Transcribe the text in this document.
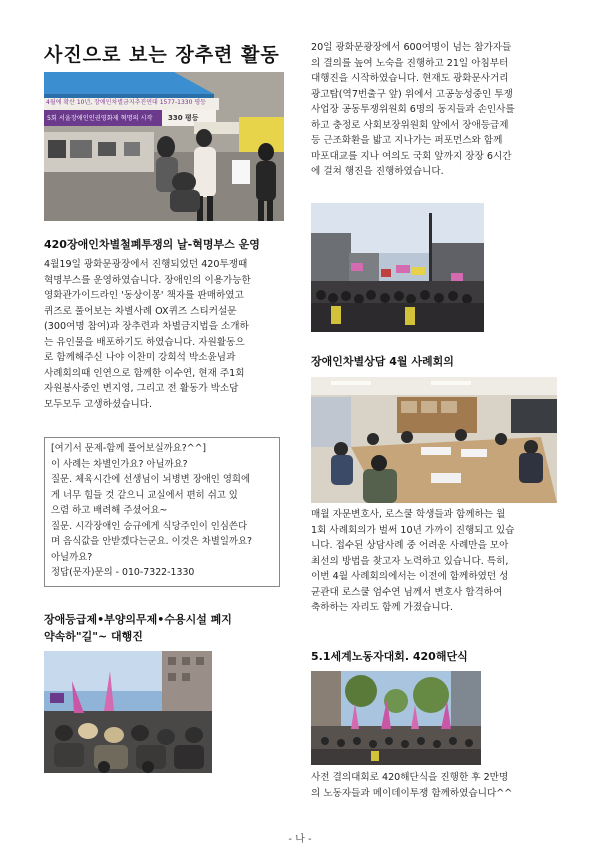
사진으로 보는 장추련 활동
4월에 확산 10년, 장애인차별금지추진연대 1577-1330 평등
5회 서울장애인인권영화제 혁명의 시작	330 평등
420장애인차별철폐투쟁의 날-혁명부스 운영
4월19일 광화문광장에서 진행되었던 420투쟁때
혁명부스를 운영하였습니다. 장애인의 이용가능한
영화관가이드라인 '동상이몽' 책자를 판매하였고
퀴즈로 풀어보는 차별사례 OX퀴즈 스티커설문
(300여명 참여)과 장추련과 차별금지법을 소개하
는 유인물을 배포하기도 하였습니다. 자원활동으
로 함께해주신 나야 이찬미 강희석 박소윤님과
사례회의때 인연으로 함께한 이수연, 현재 주1회
자원봉사중인 변지영, 그리고 전 활동가 박소담
모두모두 고생하셨습니다.
[여기서 문제-함께 풀어보실까요?^^]
이 사례는 차별인가요? 아닐까요?
질문. 체육시간에 선생님이 뇌병변 장애인 영희에
게 너무 힘들 것 같으니 교실에서 편히 쉬고 있
으렴 하고 배려해 주셨어요~
질문. 시각장애인 승규에게 식당주인이 인심쓴다
며 음식값을 안받겠다는군요. 이것은 차별일까요?
아닐까요?
정답(문자)문의 - 010-7322-1330
장애등급제•부양의무제•수용시설 폐지
약속하"길"~ 대행진
20일 광화문광장에서 600여명이 넘는 참가자들
의 결의를 높여 노숙을 진행하고 21일 아침부터
대행진을 시작하였습니다. 현재도 광화문사거리
광고탑(역7번출구 앞) 위에서 고공농성중인 투쟁
사업장 공동투쟁위원회 6명의 동지들과 손인사를
하고 충정로 사회보장위원회 앞에서 장애등급제
등 근조화환을 밟고 지나가는 퍼포먼스와 함께
마포대교를 지나 여의도 국회 앞까지 장장 6시간
에 걸쳐 행진을 진행하였습니다.
장애인차별상담 4월 사례회의
매월 자문변호사, 로스쿨 학생들과 함께하는 월
1회 사례회의가 벌써 10년 가까이 진행되고 있습
니다. 접수된 상담사례 중 어려운 사례만을 모아
최선의 방법을 찾고자 노력하고 있습니다. 특히,
이번 4월 사례회의에서는 이전에 함께하였던 성
균관대 로스쿨 엄수연 님께서 변호사 합격하여
축하하는 자리도 함께 가졌습니다.
5.1세계노동자대회. 420해단식
사전 결의대회로 420해단식을 진행한 후 2만명
의 노동자들과 메이데이투쟁 함께하였습니다^^
- 나 -
